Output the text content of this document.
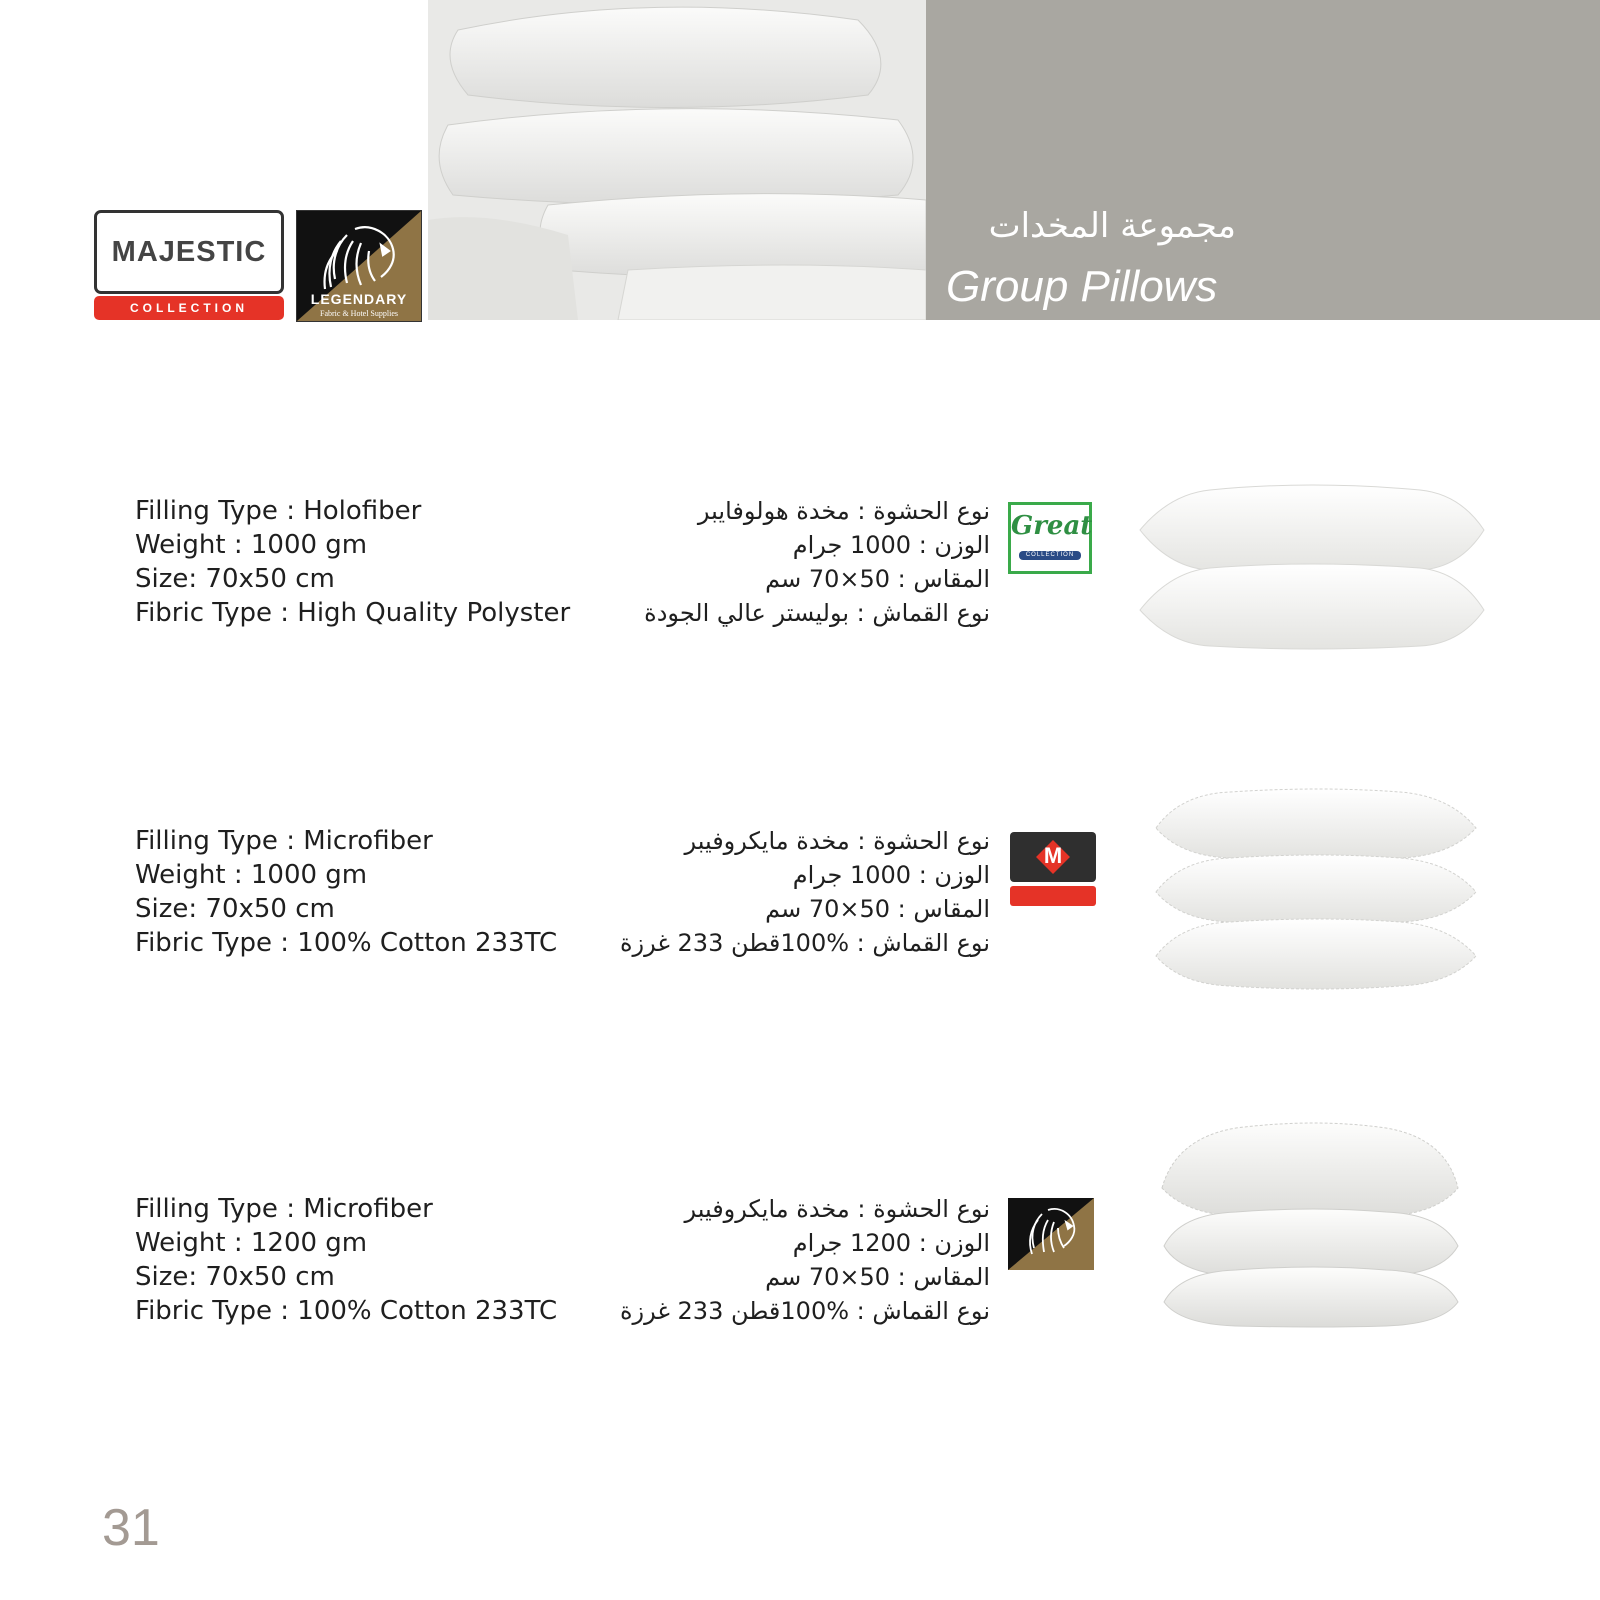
MAJESTIC
COLLECTION
LEGENDARY
Fabric & Hotel Supplies
مجموعة المخدات
Group Pillows
Filling Type : Holofiber
Weight : 1000 gm
Size: 70x50 cm
Fibric Type : High Quality Polyster
نوع الحشوة : مخدة هولوفايبر
الوزن : 1000 جرام
المقاس : 50×70 سم
نوع القماش : بوليستر عالي الجودة
Great
COLLECTION
Filling Type : Microfiber
Weight : 1000 gm
Size: 70x50 cm
Fibric Type : 100% Cotton 233TC
نوع الحشوة : مخدة مايكروفيبر
الوزن : 1000 جرام
المقاس : 50×70 سم
نوع القماش : %100قطن 233 غرزة
M
Filling Type : Microfiber
Weight : 1200 gm
Size: 70x50 cm
Fibric Type : 100% Cotton 233TC
نوع الحشوة : مخدة مايكروفيبر
الوزن : 1200 جرام
المقاس : 50×70 سم
نوع القماش : %100قطن 233 غرزة
31
